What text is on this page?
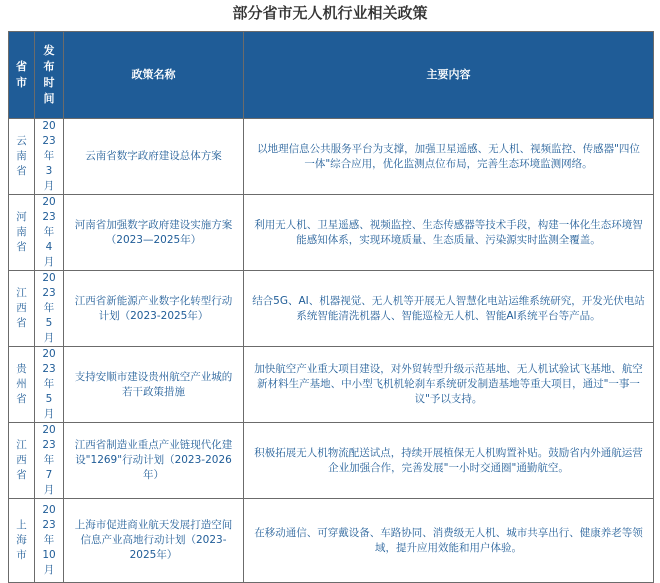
部分省市无人机行业相关政策
省市	发布时间	政策名称	主要内容

云南省	2023年3月	云南省数字政府建设总体方案	以地理信息公共服务平台为支撑，加强卫星遥感、无人机、视频监控、传感器"四位一体"综合应用，优化监测点位布局，完善生态环境监测网络。

河南省	2023年4月	河南省加强数字政府建设实施方案（2023—2025年）	利用无人机、卫星遥感、视频监控、生态传感器等技术手段，构建一体化生态环境智能感知体系，实现环境质量、生态质量、污染源实时监测全覆盖。

江西省	2023年5月	江西省新能源产业数字化转型行动计划（2023-2025年）	结合5G、AI、机器视觉、无人机等开展无人智慧化电站运维系统研究，开发光伏电站系统智能清洗机器人、智能巡检无人机、智能AI系统平台等产品。

贵州省	2023年5月	支持安顺市建设贵州航空产业城的若干政策措施	加快航空产业重大项目建设，对外贸转型升级示范基地、无人机试验试飞基地、航空新材料生产基地、中小型飞机机轮刹车系统研发制造基地等重大项目，通过"一事一议"予以支持。

江西省	2023年7月	江西省制造业重点产业链现代化建设"1269"行动计划（2023-2026年）	积极拓展无人机物流配送试点，持续开展植保无人机购置补贴。鼓励省内外通航运营企业加强合作，完善发展"一小时交通圈"通勤航空。

上海市	2023年10月	上海市促进商业航天发展打造空间信息产业高地行动计划（2023-2025年）	在移动通信、可穿戴设备、车路协同、消费级无人机、城市共享出行、健康养老等领域，提升应用效能和用户体验。
